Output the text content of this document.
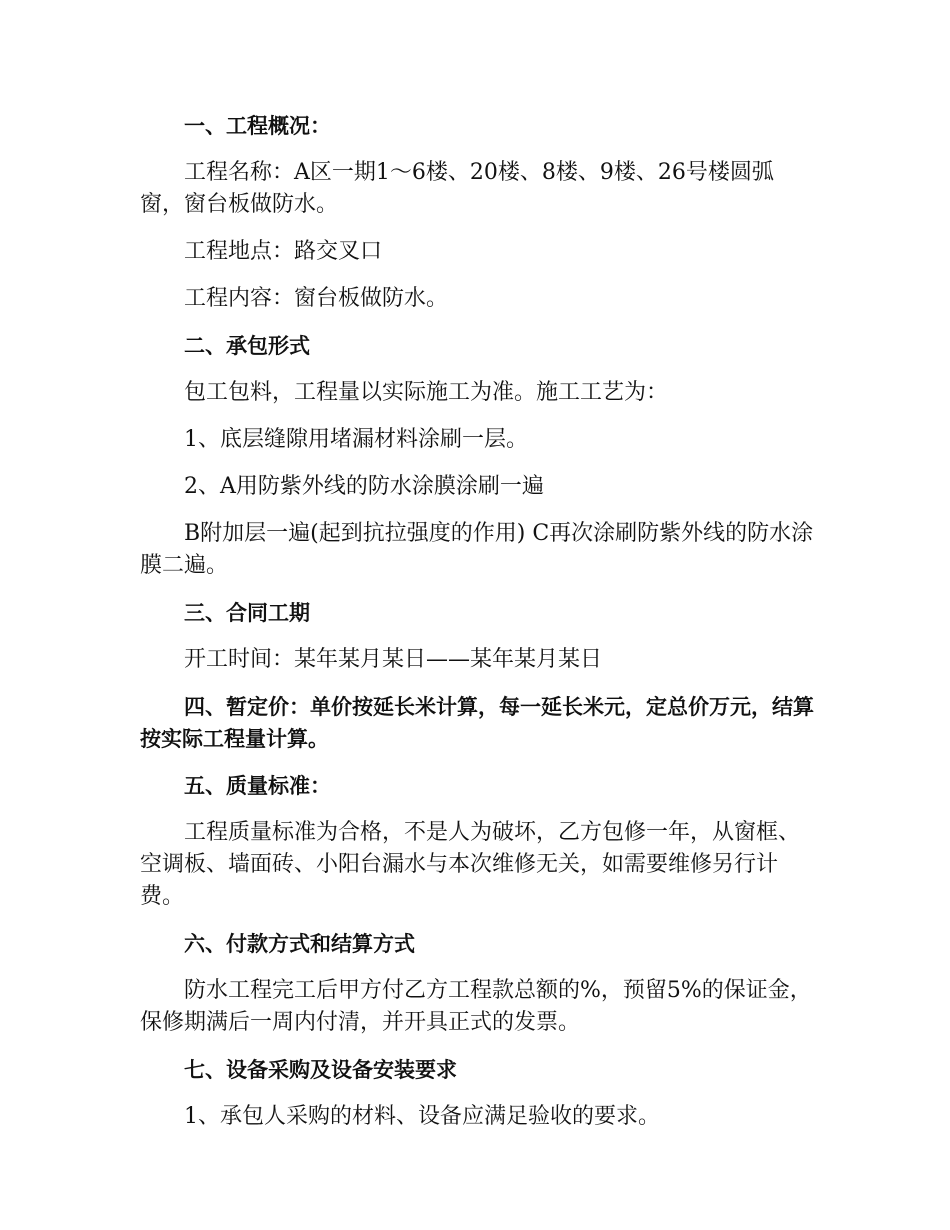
一、工程概况：

工程名称：A区一期1～6楼、20楼、8楼、9楼、26号楼圆弧窗，窗台板做防水。

工程地点：路交叉口

工程内容：窗台板做防水。

二、承包形式

包工包料，工程量以实际施工为准。施工工艺为：

1、底层缝隙用堵漏材料涂刷一层。

2、A用防紫外线的防水涂膜涂刷一遍

B附加层一遍(起到抗拉强度的作用) C再次涂刷防紫外线的防水涂膜二遍。

三、合同工期

开工时间：某年某月某日——某年某月某日

四、暂定价：单价按延长米计算，每一延长米元，定总价万元，结算按实际工程量计算。

五、质量标准：

工程质量标准为合格，不是人为破坏，乙方包修一年，从窗框、空调板、墙面砖、小阳台漏水与本次维修无关，如需要维修另行计费。

六、付款方式和结算方式

防水工程完工后甲方付乙方工程款总额的%，预留5%的保证金，保修期满后一周内付清，并开具正式的发票。

七、设备采购及设备安装要求

1、承包人采购的材料、设备应满足验收的要求。
